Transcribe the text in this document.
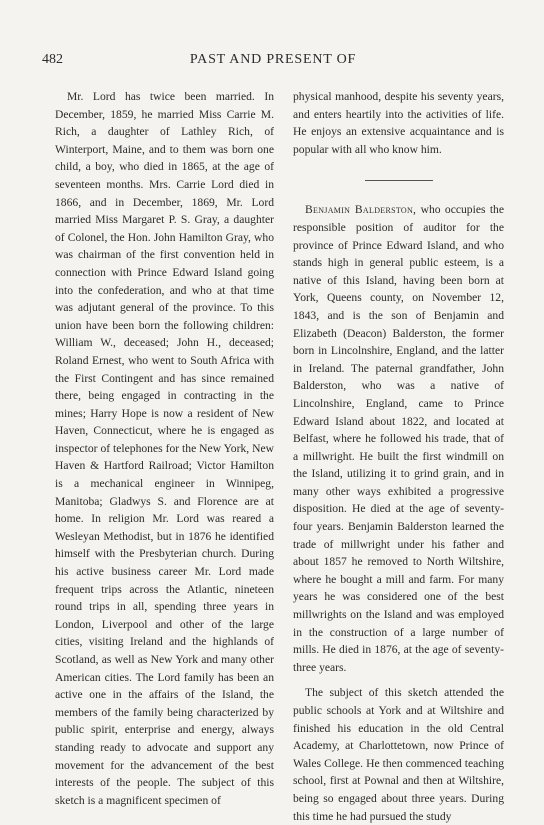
482	PAST AND PRESENT OF

Mr. Lord has twice been married. In December, 1859, he married Miss Carrie M. Rich, a daughter of Lathley Rich, of Winterport, Maine, and to them was born one child, a boy, who died in 1865, at the age of seventeen months. Mrs. Carrie Lord died in 1866, and in December, 1869, Mr. Lord married Miss Margaret P. S. Gray, a daughter of Colonel, the Hon. John Hamilton Gray, who was chairman of the first convention held in connection with Prince Edward Island going into the confederation, and who at that time was adjutant general of the province. To this union have been born the following children: William W., deceased; John H., deceased; Roland Ernest, who went to South Africa with the First Contingent and has since remained there, being engaged in contracting in the mines; Harry Hope is now a resident of New Haven, Connecticut, where he is engaged as inspector of telephones for the New York, New Haven & Hartford Railroad; Victor Hamilton is a mechanical engineer in Winnipeg, Manitoba; Gladwys S. and Florence are at home. In religion Mr. Lord was reared a Wesleyan Methodist, but in 1876 he identified himself with the Presbyterian church. During his active business career Mr. Lord made frequent trips across the Atlantic, nineteen round trips in all, spending three years in London, Liverpool and other of the large cities, visiting Ireland and the highlands of Scotland, as well as New York and many other American cities. The Lord family has been an active one in the affairs of the Island, the members of the family being characterized by public spirit, enterprise and energy, always standing ready to advocate and support any movement for the advancement of the best interests of the people. The subject of this sketch is a magnificent specimen of

physical manhood, despite his seventy years, and enters heartily into the activities of life. He enjoys an extensive acquaintance and is popular with all who know him.

Benjamin Balderston, who occupies the responsible position of auditor for the province of Prince Edward Island, and who stands high in general public esteem, is a native of this Island, having been born at York, Queens county, on November 12, 1843, and is the son of Benjamin and Elizabeth (Deacon) Balderston, the former born in Lincolnshire, England, and the latter in Ireland. The paternal grandfather, John Balderston, who was a native of Lincolnshire, England, came to Prince Edward Island about 1822, and located at Belfast, where he followed his trade, that of a millwright. He built the first windmill on the Island, utilizing it to grind grain, and in many other ways exhibited a progressive disposition. He died at the age of seventy-four years. Benjamin Balderston learned the trade of millwright under his father and about 1857 he removed to North Wiltshire, where he bought a mill and farm. For many years he was considered one of the best millwrights on the Island and was employed in the construction of a large number of mills. He died in 1876, at the age of seventy-three years.

The subject of this sketch attended the public schools at York and at Wiltshire and finished his education in the old Central Academy, at Charlottetown, now Prince of Wales College. He then commenced teaching school, first at Pownal and then at Wiltshire, being so engaged about three years. During this time he had pursued the study
